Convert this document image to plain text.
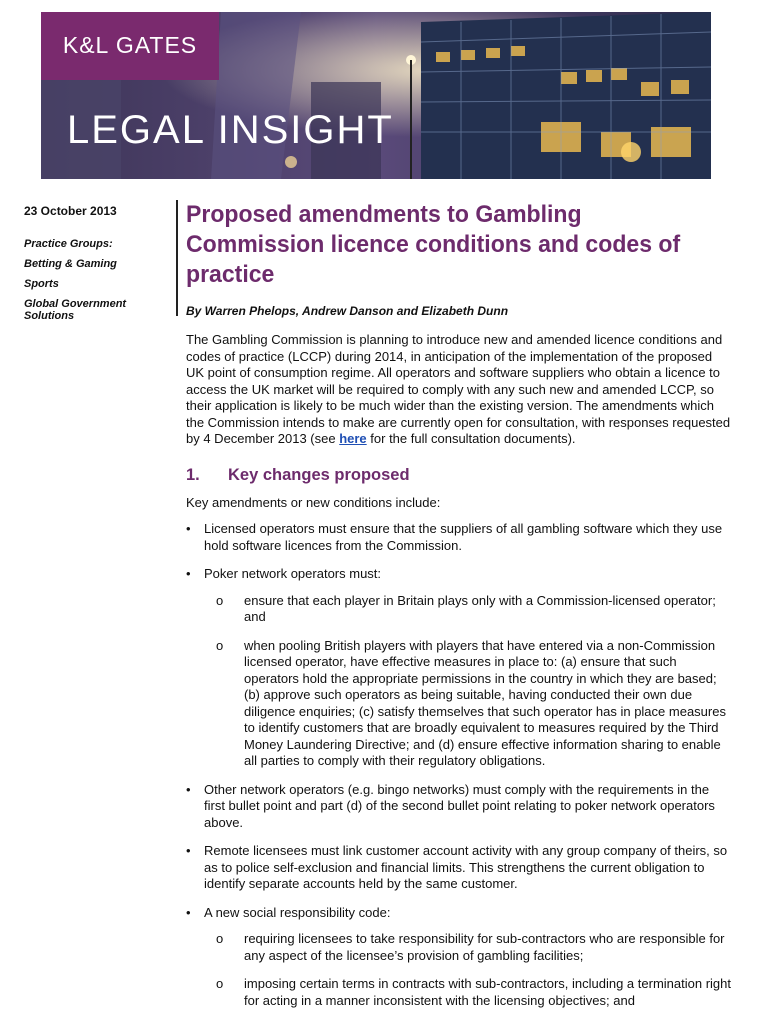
K&L GATES
LEGAL INSIGHT
23 October 2013
Practice Groups:
Betting & Gaming
Sports
Global Government Solutions
Proposed amendments to Gambling Commission licence conditions and codes of practice
By Warren Phelops, Andrew Danson and Elizabeth Dunn

The Gambling Commission is planning to introduce new and amended licence conditions and codes of practice (LCCP) during 2014, in anticipation of the implementation of the proposed UK point of consumption regime. All operators and software suppliers who obtain a licence to access the UK market will be required to comply with any such new and amended LCCP, so their application is likely to be much wider than the existing version. The amendments which the Commission intends to make are currently open for consultation, with responses requested by 4 December 2013 (see here for the full consultation documents).

1.	Key changes proposed

Key amendments or new conditions include:

• Licensed operators must ensure that the suppliers of all gambling software which they use hold software licences from the Commission.
• Poker network operators must:
o ensure that each player in Britain plays only with a Commission-licensed operator; and
o when pooling British players with players that have entered via a non-Commission licensed operator, have effective measures in place to: (a) ensure that such operators hold the appropriate permissions in the country in which they are based; (b) approve such operators as being suitable, having conducted their own due diligence enquiries; (c) satisfy themselves that such operator has in place measures to identify customers that are broadly equivalent to measures required by the Third Money Laundering Directive; and (d) ensure effective information sharing to enable all parties to comply with their regulatory obligations.
• Other network operators (e.g. bingo networks) must comply with the requirements in the first bullet point and part (d) of the second bullet point relating to poker network operators above.
• Remote licensees must link customer account activity with any group company of theirs, so as to police self-exclusion and financial limits. This strengthens the current obligation to identify separate accounts held by the same customer.
• A new social responsibility code:
o requiring licensees to take responsibility for sub-contractors who are responsible for any aspect of the licensee’s provision of gambling facilities;
o imposing certain terms in contracts with sub-contractors, including a termination right for acting in a manner inconsistent with the licensing objectives; and
